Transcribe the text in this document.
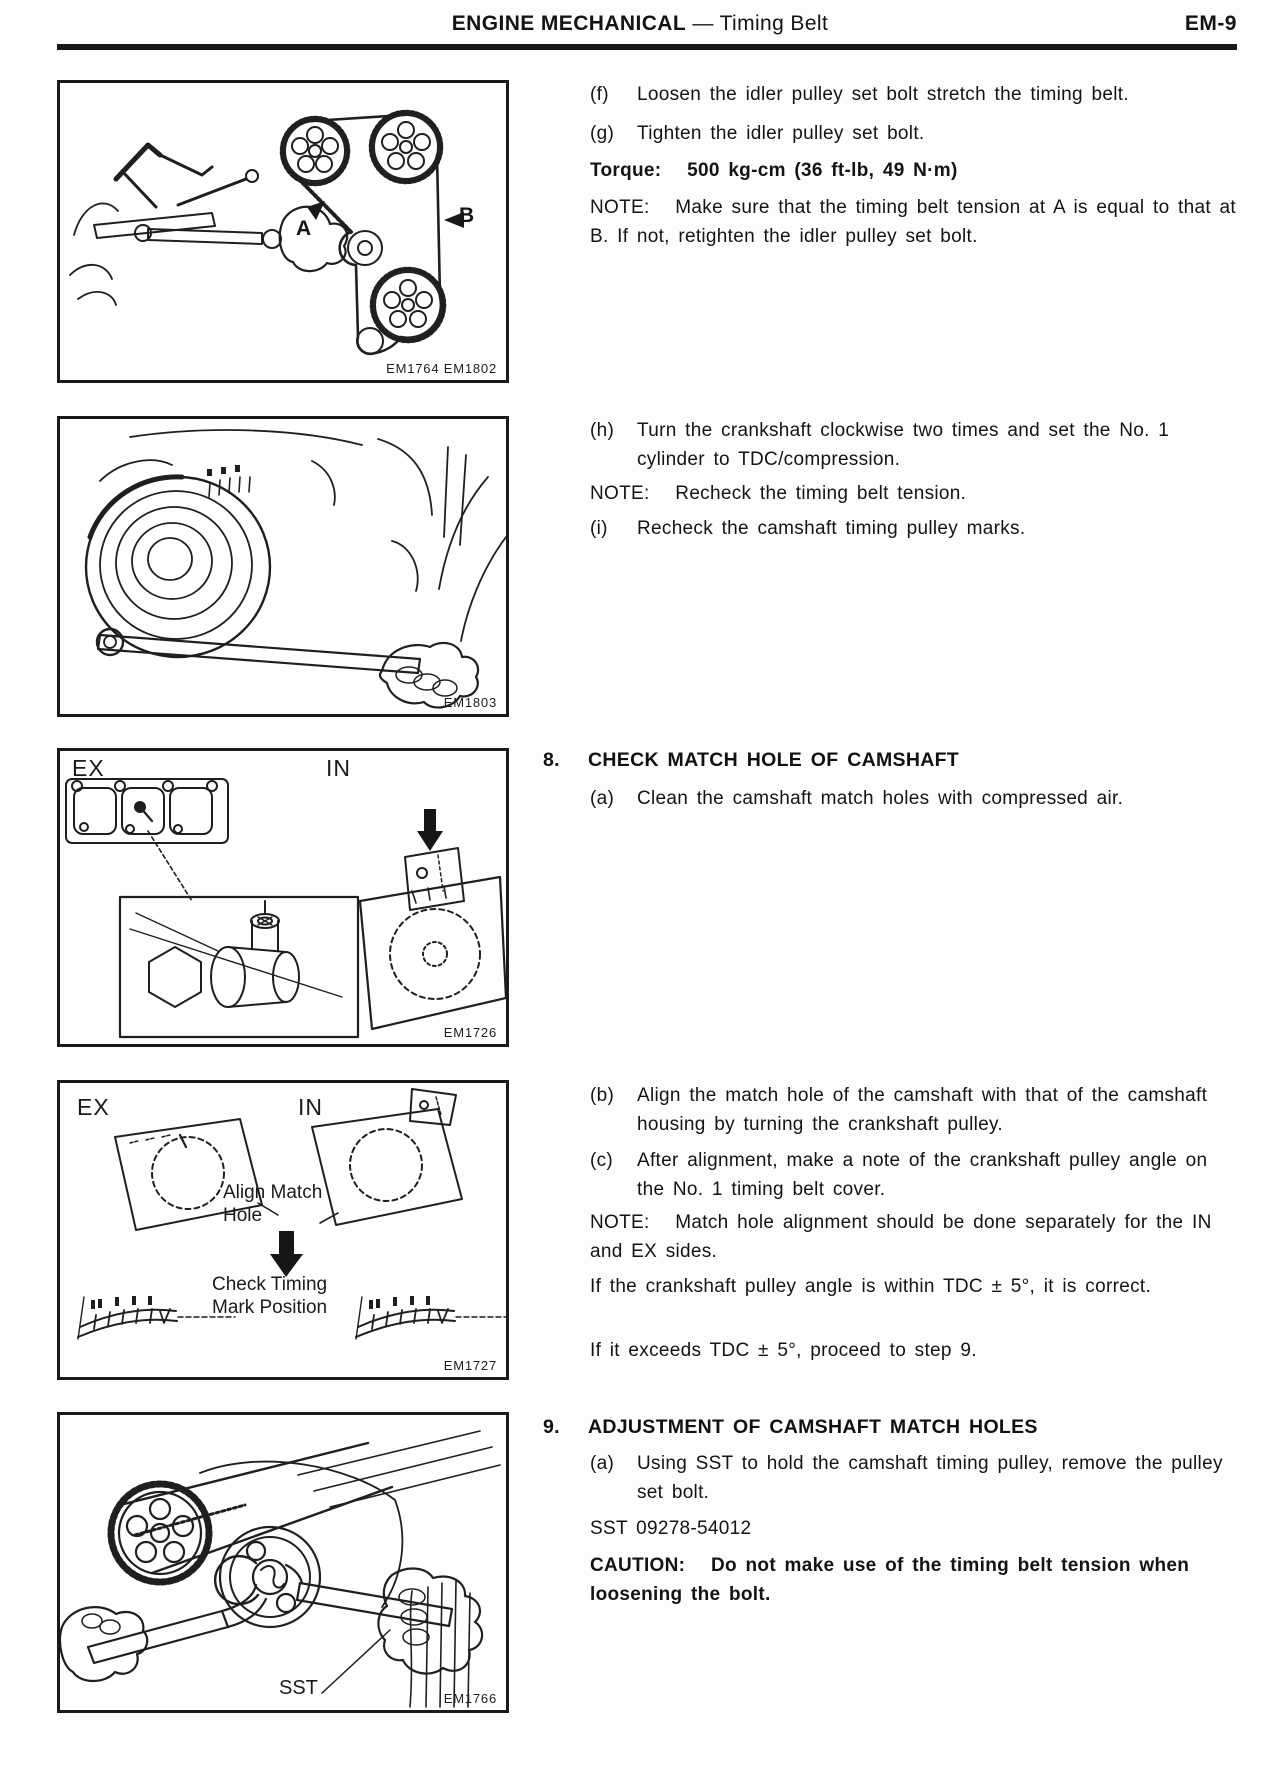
ENGINE MECHANICAL — Timing Belt	EM-9
A
B
EM1764 EM1802
EM1803
EX	IN
EM1726
EX	IN
Align Match
Hole
Check Timing
Mark Position
EM1727
SST	EM1766
(f)	Loosen the idler pulley set bolt stretch the timing belt.
(g)	Tighten the idler pulley set bolt.
Torque:   500 kg-cm (36 ft-lb, 49 N·m)
NOTE:   Make sure that the timing belt tension at A is equal to that at B. If not, retighten the idler pulley set bolt.
(h)	Turn the crankshaft clockwise two times and set the No. 1 cylinder to TDC/compression.
NOTE:   Recheck the timing belt tension.
(i)	Recheck the camshaft timing pulley marks.
8.	CHECK MATCH HOLE OF CAMSHAFT
(a)	Clean the camshaft match holes with compressed air.
(b)	Align the match hole of the camshaft with that of the camshaft housing by turning the crankshaft pulley.
(c)	After alignment, make a note of the crankshaft pulley angle on the No. 1 timing belt cover.
NOTE:   Match hole alignment should be done separately for the IN and EX sides.
If the crankshaft pulley angle is within TDC ± 5°, it is correct.
If it exceeds TDC ± 5°, proceed to step 9.
9.	ADJUSTMENT OF CAMSHAFT MATCH HOLES
(a)	Using SST to hold the camshaft timing pulley, remove the pulley set bolt.
SST 09278-54012
CAUTION:   Do not make use of the timing belt tension when loosening the bolt.
